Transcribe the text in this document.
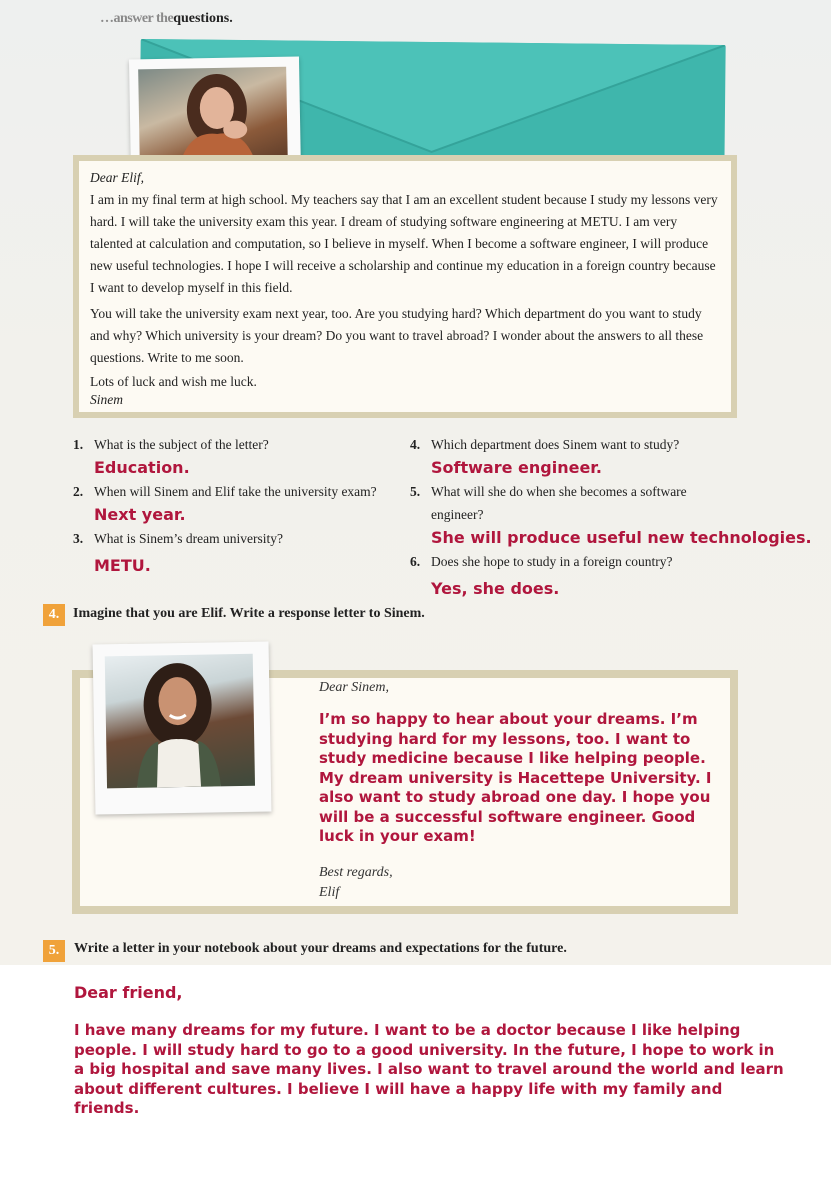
…answer thequestions.
Dear Elif,

I am in my final term at high school. My teachers say that I am an excellent student because I study my lessons very hard. I will take the university exam this year. I dream of studying software engineering at METU. I am very talented at calculation and computation, so I believe in myself. When I become a software engineer, I will produce new useful technologies. I hope I will receive a scholarship and continue my education in a foreign country because I want to develop myself in this field.

You will take the university exam next year, too. Are you studying hard? Which department do you want to study and why? Which university is your dream? Do you want to travel abroad? I wonder about the answers to all these questions. Write to me soon.

Lots of luck and wish me luck.

Sinem
1. What is the subject of the letter?
Education.
2. When will Sinem and Elif take the university exam?
Next year.
3. What is Sinem’s dream university?
METU.
4. Which department does Sinem want to study?
Software engineer.
5. What will she do when she becomes a software engineer?
She will produce useful new technologies.
6. Does she hope to study in a foreign country?
Yes, she does.
4. Imagine that you are Elif. Write a response letter to Sinem.
Dear Sinem,
I’m so happy to hear about your dreams. I’m studying hard for my lessons, too. I want to study medicine because I like helping people. My dream university is Hacettepe University. I also want to study abroad one day. I hope you will be a successful software engineer. Good luck in your exam!
Best regards,
Elif
5.	Write a letter in your notebook about your dreams and expectations for the future.
Dear friend,
I have many dreams for my future. I want to be a doctor because I like helping people. I will study hard to go to a good university. In the future, I hope to work in a big hospital and save many lives. I also want to travel around the world and learn about different cultures. I believe I will have a happy life with my family and friends.
